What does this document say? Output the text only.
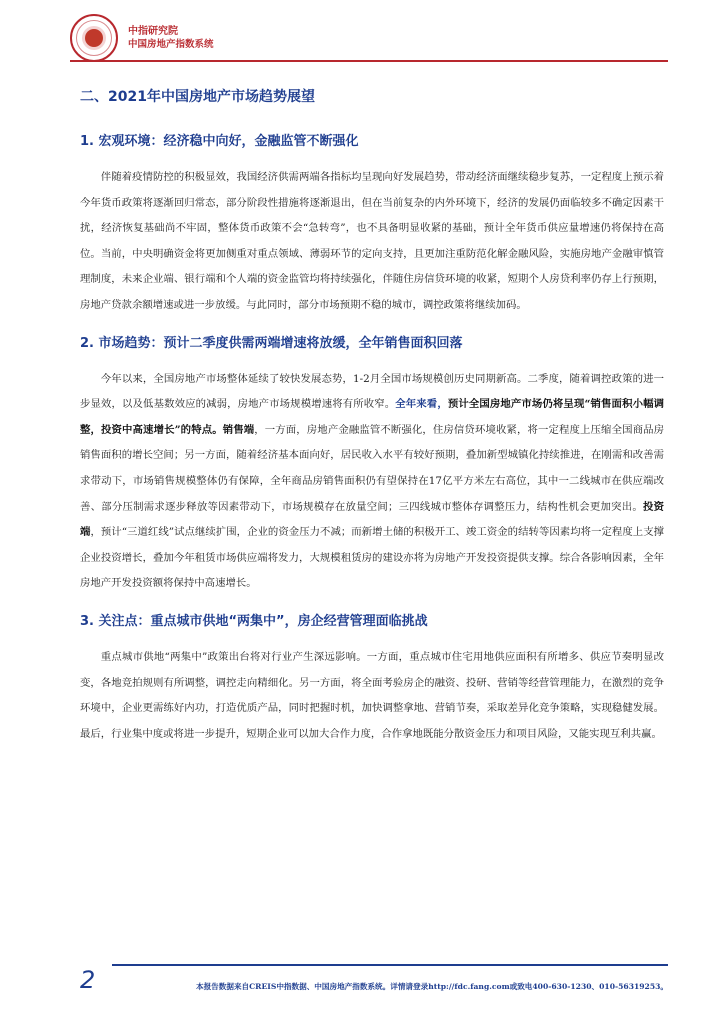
中指研究院
中国房地产指数系统
二、2021年中国房地产市场趋势展望
1. 宏观环境：经济稳中向好，金融监管不断强化

伴随着疫情防控的积极显效，我国经济供需两端各指标均呈现向好发展趋势，带动经济面继续稳步复苏，一定程度上预示着今年货币政策将逐渐回归常态，部分阶段性措施将逐渐退出，但在当前复杂的内外环境下，经济的发展仍面临较多不确定因素干扰，经济恢复基础尚不牢固，整体货币政策不会“急转弯”，也不具备明显收紧的基础，预计全年货币供应量增速仍将保持在高位。当前，中央明确资金将更加侧重对重点领域、薄弱环节的定向支持，且更加注重防范化解金融风险，实施房地产金融审慎管理制度，未来企业端、银行端和个人端的资金监管均将持续强化，伴随住房信贷环境的收紧，短期个人房贷利率仍存上行预期，房地产贷款余额增速或进一步放缓。与此同时，部分市场预期不稳的城市，调控政策将继续加码。

2. 市场趋势：预计二季度供需两端增速将放缓，全年销售面积回落

今年以来，全国房地产市场整体延续了较快发展态势，1-2月全国市场规模创历史同期新高。二季度，随着调控政策的进一步显效，以及低基数效应的减弱，房地产市场规模增速将有所收窄。全年来看，预计全国房地产市场仍将呈现“销售面积小幅调整，投资中高速增长”的特点。销售端，一方面，房地产金融监管不断强化，住房信贷环境收紧，将一定程度上压缩全国商品房销售面积的增长空间；另一方面，随着经济基本面向好，居民收入水平有较好预期，叠加新型城镇化持续推进，在刚需和改善需求带动下，市场销售规模整体仍有保障，全年商品房销售面积仍有望保持在17亿平方米左右高位，其中一二线城市在供应端改善、部分压制需求逐步释放等因素带动下，市场规模存在放量空间；三四线城市整体存调整压力，结构性机会更加突出。投资端，预计“三道红线”试点继续扩围，企业的资金压力不减；而新增土储的积极开工、竣工资金的结转等因素均将一定程度上支撑企业投资增长，叠加今年租赁市场供应端将发力，大规模租赁房的建设亦将为房地产开发投资提供支撑。综合各影响因素，全年房地产开发投资额将保持中高速增长。

3. 关注点：重点城市供地“两集中”，房企经营管理面临挑战

重点城市供地“两集中”政策出台将对行业产生深远影响。一方面，重点城市住宅用地供应面积有所增多、供应节奏明显改变，各地竞拍规则有所调整，调控走向精细化。另一方面，将全面考验房企的融资、投研、营销等经营管理能力，在激烈的竞争环境中，企业更需练好内功，打造优质产品，同时把握时机，加快调整拿地、营销节奏，采取差异化竞争策略，实现稳健发展。最后，行业集中度或将进一步提升，短期企业可以加大合作力度，合作拿地既能分散资金压力和项目风险，又能实现互利共赢。

2	本报告数据来自CREIS中指数据、中国房地产指数系统。详情请登录http://fdc.fang.com或致电400-630-1230、010-56319253。
